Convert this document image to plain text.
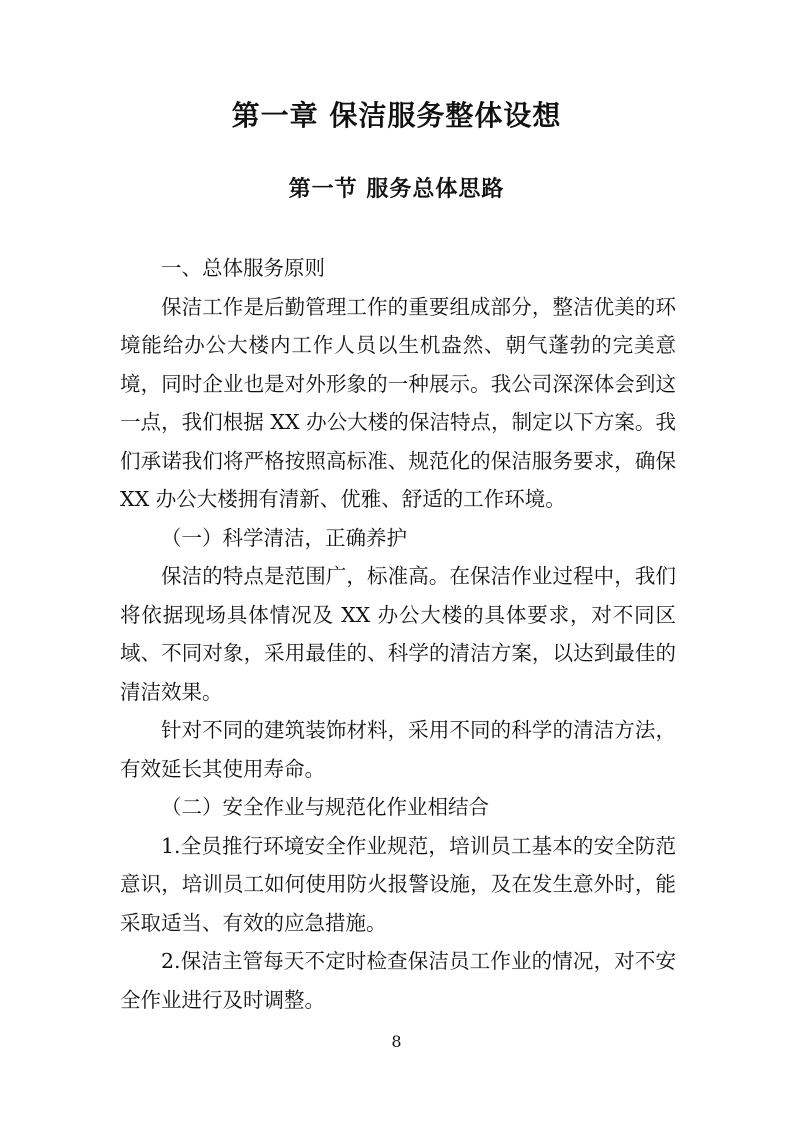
第一章 保洁服务整体设想
第一节 服务总体思路

一、总体服务原则

保洁工作是后勤管理工作的重要组成部分，整洁优美的环境能给办公大楼内工作人员以生机盎然、朝气蓬勃的完美意境，同时企业也是对外形象的一种展示。我公司深深体会到这一点，我们根据 XX 办公大楼的保洁特点，制定以下方案。我们承诺我们将严格按照高标准、规范化的保洁服务要求，确保 XX 办公大楼拥有清新、优雅、舒适的工作环境。

（一）科学清洁，正确养护

保洁的特点是范围广，标准高。在保洁作业过程中，我们将依据现场具体情况及 XX 办公大楼的具体要求，对不同区域、不同对象，采用最佳的、科学的清洁方案，以达到最佳的清洁效果。

针对不同的建筑装饰材料，采用不同的科学的清洁方法，有效延长其使用寿命。

（二）安全作业与规范化作业相结合

1.全员推行环境安全作业规范，培训员工基本的安全防范意识，培训员工如何使用防火报警设施，及在发生意外时，能采取适当、有效的应急措施。

2.保洁主管每天不定时检查保洁员工作业的情况，对不安全作业进行及时调整。

8
